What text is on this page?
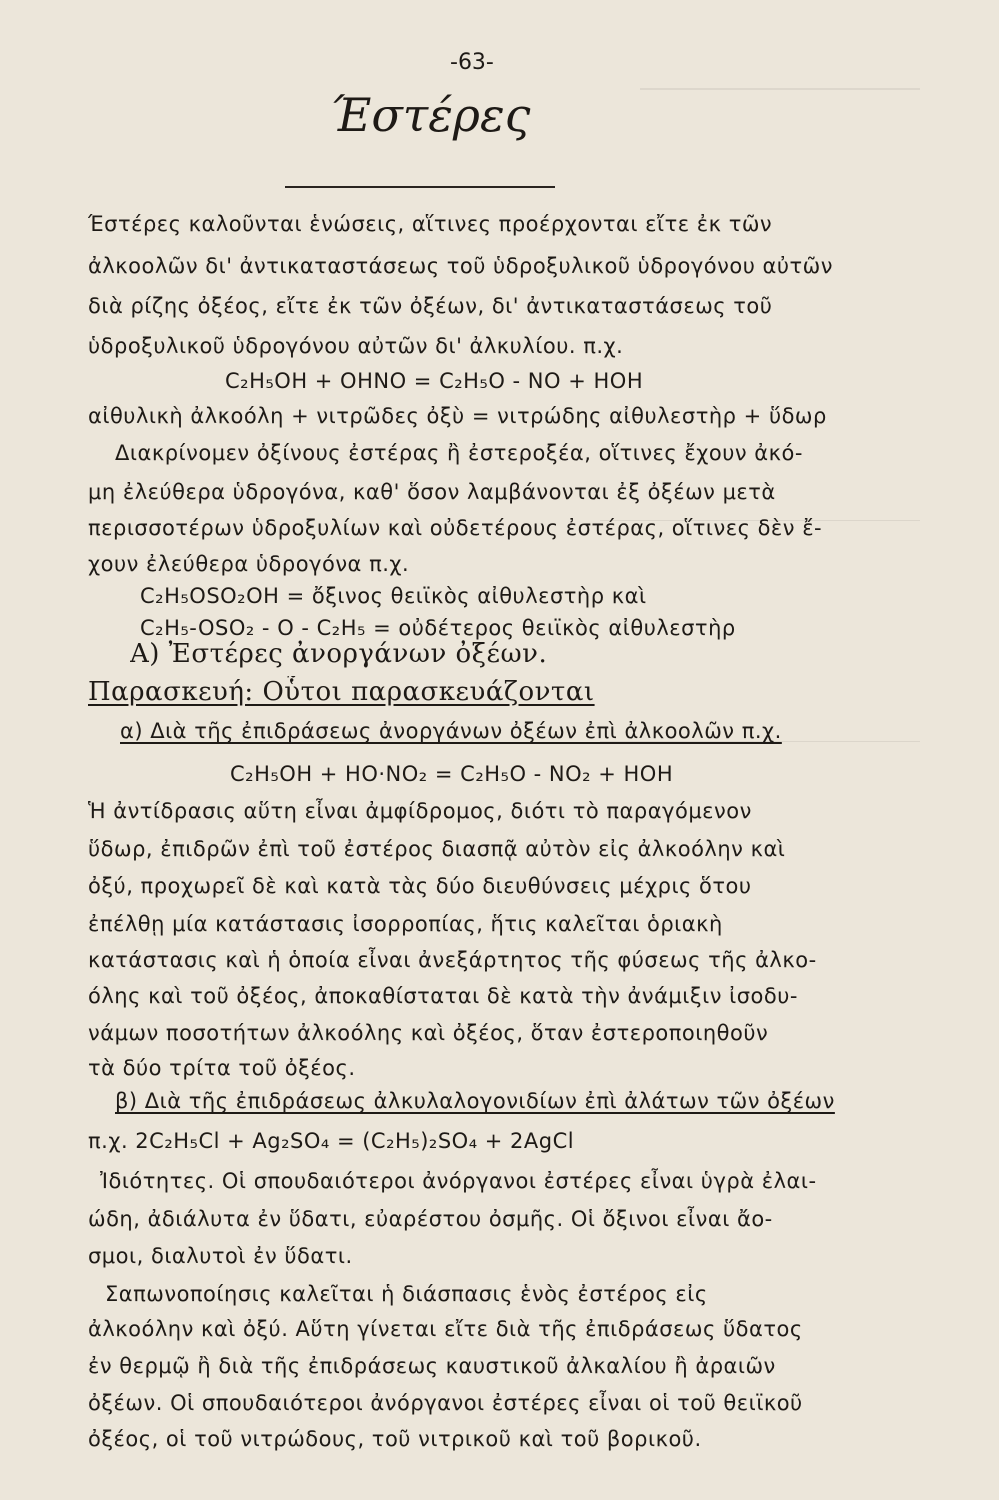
-63-
Έστέρες
Έστέρες καλοῦνται ἑνώσεις, αἵτινες προέρχονται εἴτε ἐκ τῶν
ἀλκοολῶν δι' ἀντικαταστάσεως τοῦ ὑδροξυλικοῦ ὑδρογόνου αὐτῶν
διὰ ρίζης ὀξέος, εἴτε ἐκ τῶν ὀξέων, δι' ἀντικαταστάσεως τοῦ
ὑδροξυλικοῦ ὑδρογόνου αὐτῶν δι' ἀλκυλίου. π.χ.
C₂H₅OH + OHNO = C₂H₅O - NO + HOH
αἰθυλικὴ ἀλκοόλη + νιτρῶδες ὀξὺ = νιτρώδης αἰθυλεστὴρ + ὕδωρ
Διακρίνομεν ὀξίνους ἐστέρας ἢ ἐστεροξέα, οἵτινες ἔχουν ἀκό-
μη ἐλεύθερα ὑδρογόνα, καθ' ὅσον λαμβάνονται ἐξ ὀξέων μετὰ
περισσοτέρων ὑδροξυλίων καὶ οὐδετέρους ἐστέρας, οἵτινες δὲν ἔ-
χουν ἐλεύθερα ὑδρογόνα π.χ.
C₂H₅OSO₂OH = ὄξινος θειϊκὸς αἰθυλεστὴρ καὶ
C₂H₅-OSO₂ - O - C₂H₅ = οὐδέτερος θειϊκὸς αἰθυλεστὴρ
Α) Ἐστέρες ἀνοργάνων ὀξέων.
Παρασκευή: Οὗτοι παρασκευάζονται
α) Διὰ τῆς ἐπιδράσεως ἀνοργάνων ὀξέων ἐπὶ ἀλκοολῶν π.χ.
C₂H₅OH + HO·NO₂ = C₂H₅O - NO₂ + HOH
Ἡ ἀντίδρασις αὕτη εἶναι ἀμφίδρομος, διότι τὸ παραγόμενον
ὕδωρ, ἐπιδρῶν ἐπὶ τοῦ ἐστέρος διασπᾷ αὐτὸν εἰς ἀλκοόλην καὶ
ὀξύ, προχωρεῖ δὲ καὶ κατὰ τὰς δύο διευθύνσεις μέχρις ὅτου
ἐπέλθῃ μία κατάστασις ἰσορροπίας, ἥτις καλεῖται ὁριακὴ
κατάστασις καὶ ἡ ὁποία εἶναι ἀνεξάρτητος τῆς φύσεως τῆς ἀλκο-
όλης καὶ τοῦ ὀξέος, ἀποκαθίσταται δὲ κατὰ τὴν ἀνάμιξιν ἰσοδυ-
νάμων ποσοτήτων ἀλκοόλης καὶ ὀξέος, ὅταν ἐστεροποιηθοῦν
τὰ δύο τρίτα τοῦ ὀξέος.
β) Διὰ τῆς ἐπιδράσεως ἀλκυλαλογονιδίων ἐπὶ ἀλάτων τῶν ὀξέων
π.χ. 2C₂H₅Cl + Ag₂SO₄ = (C₂H₅)₂SO₄ + 2AgCl
Ἰδιότητες. Οἱ σπουδαιότεροι ἀνόργανοι ἐστέρες εἶναι ὑγρὰ ἐλαι-
ώδη, ἀδιάλυτα ἐν ὕδατι, εὐαρέστου ὀσμῆς. Οἱ ὄξινοι εἶναι ἄο-
σμοι, διαλυτοὶ ἐν ὕδατι.
Σαπωνοποίησις καλεῖται ἡ διάσπασις ἑνὸς ἐστέρος εἰς
ἀλκοόλην καὶ ὀξύ. Αὕτη γίνεται εἴτε διὰ τῆς ἐπιδράσεως ὕδατος
ἐν θερμῷ ἢ διὰ τῆς ἐπιδράσεως καυστικοῦ ἀλκαλίου ἢ ἀραιῶν
ὀξέων. Οἱ σπουδαιότεροι ἀνόργανοι ἐστέρες εἶναι οἱ τοῦ θειϊκοῦ
ὀξέος, οἱ τοῦ νιτρώδους, τοῦ νιτρικοῦ καὶ τοῦ βορικοῦ.
